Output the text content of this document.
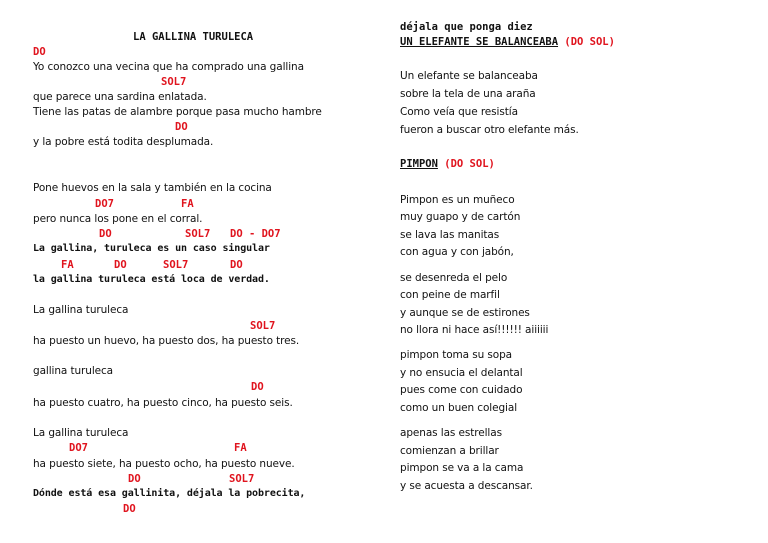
LA GALLINA TURULECA
DO
Yo conozco una vecina que ha comprado una gallina
SOL7
que parece una sardina enlatada.
Tiene las patas de alambre porque pasa mucho hambre
DO
y la pobre está todita desplumada.
Pone huevos en la sala y también en la cocina
DO7	FA
pero nunca los pone en el corral.
DO	SOL7 DO - DO7
La gallina, turuleca es un caso singular
FA	DO	SOL7	DO
la gallina turuleca está loca de verdad.
La gallina turuleca
SOL7
ha puesto un huevo, ha puesto dos, ha puesto tres.
gallina turuleca
DO
ha puesto cuatro, ha puesto cinco, ha puesto seis.
La gallina turuleca
DO7	FA
ha puesto siete, ha puesto ocho, ha puesto nueve.
DO	SOL7
Dónde está esa gallinita, déjala la pobrecita,
DO
déjala que ponga diez
UN ELEFANTE SE BALANCEABA (DO SOL)
Un elefante se balanceaba
sobre la tela de una araña
Como veía que resistía
fueron a buscar otro elefante más.
PIMPON (DO SOL)
Pimpon es un muñeco
muy guapo y de cartón
se lava las manitas
con agua y con jabón,
se desenreda el pelo
con peine de marfil
y aunque se de estirones
no llora ni hace así!!!!!! aiiiiii
pimpon toma su sopa
y no ensucia el delantal
pues come con cuidado
como un buen colegial
apenas las estrellas
comienzan a brillar
pimpon se va a la cama
y se acuesta a descansar.
